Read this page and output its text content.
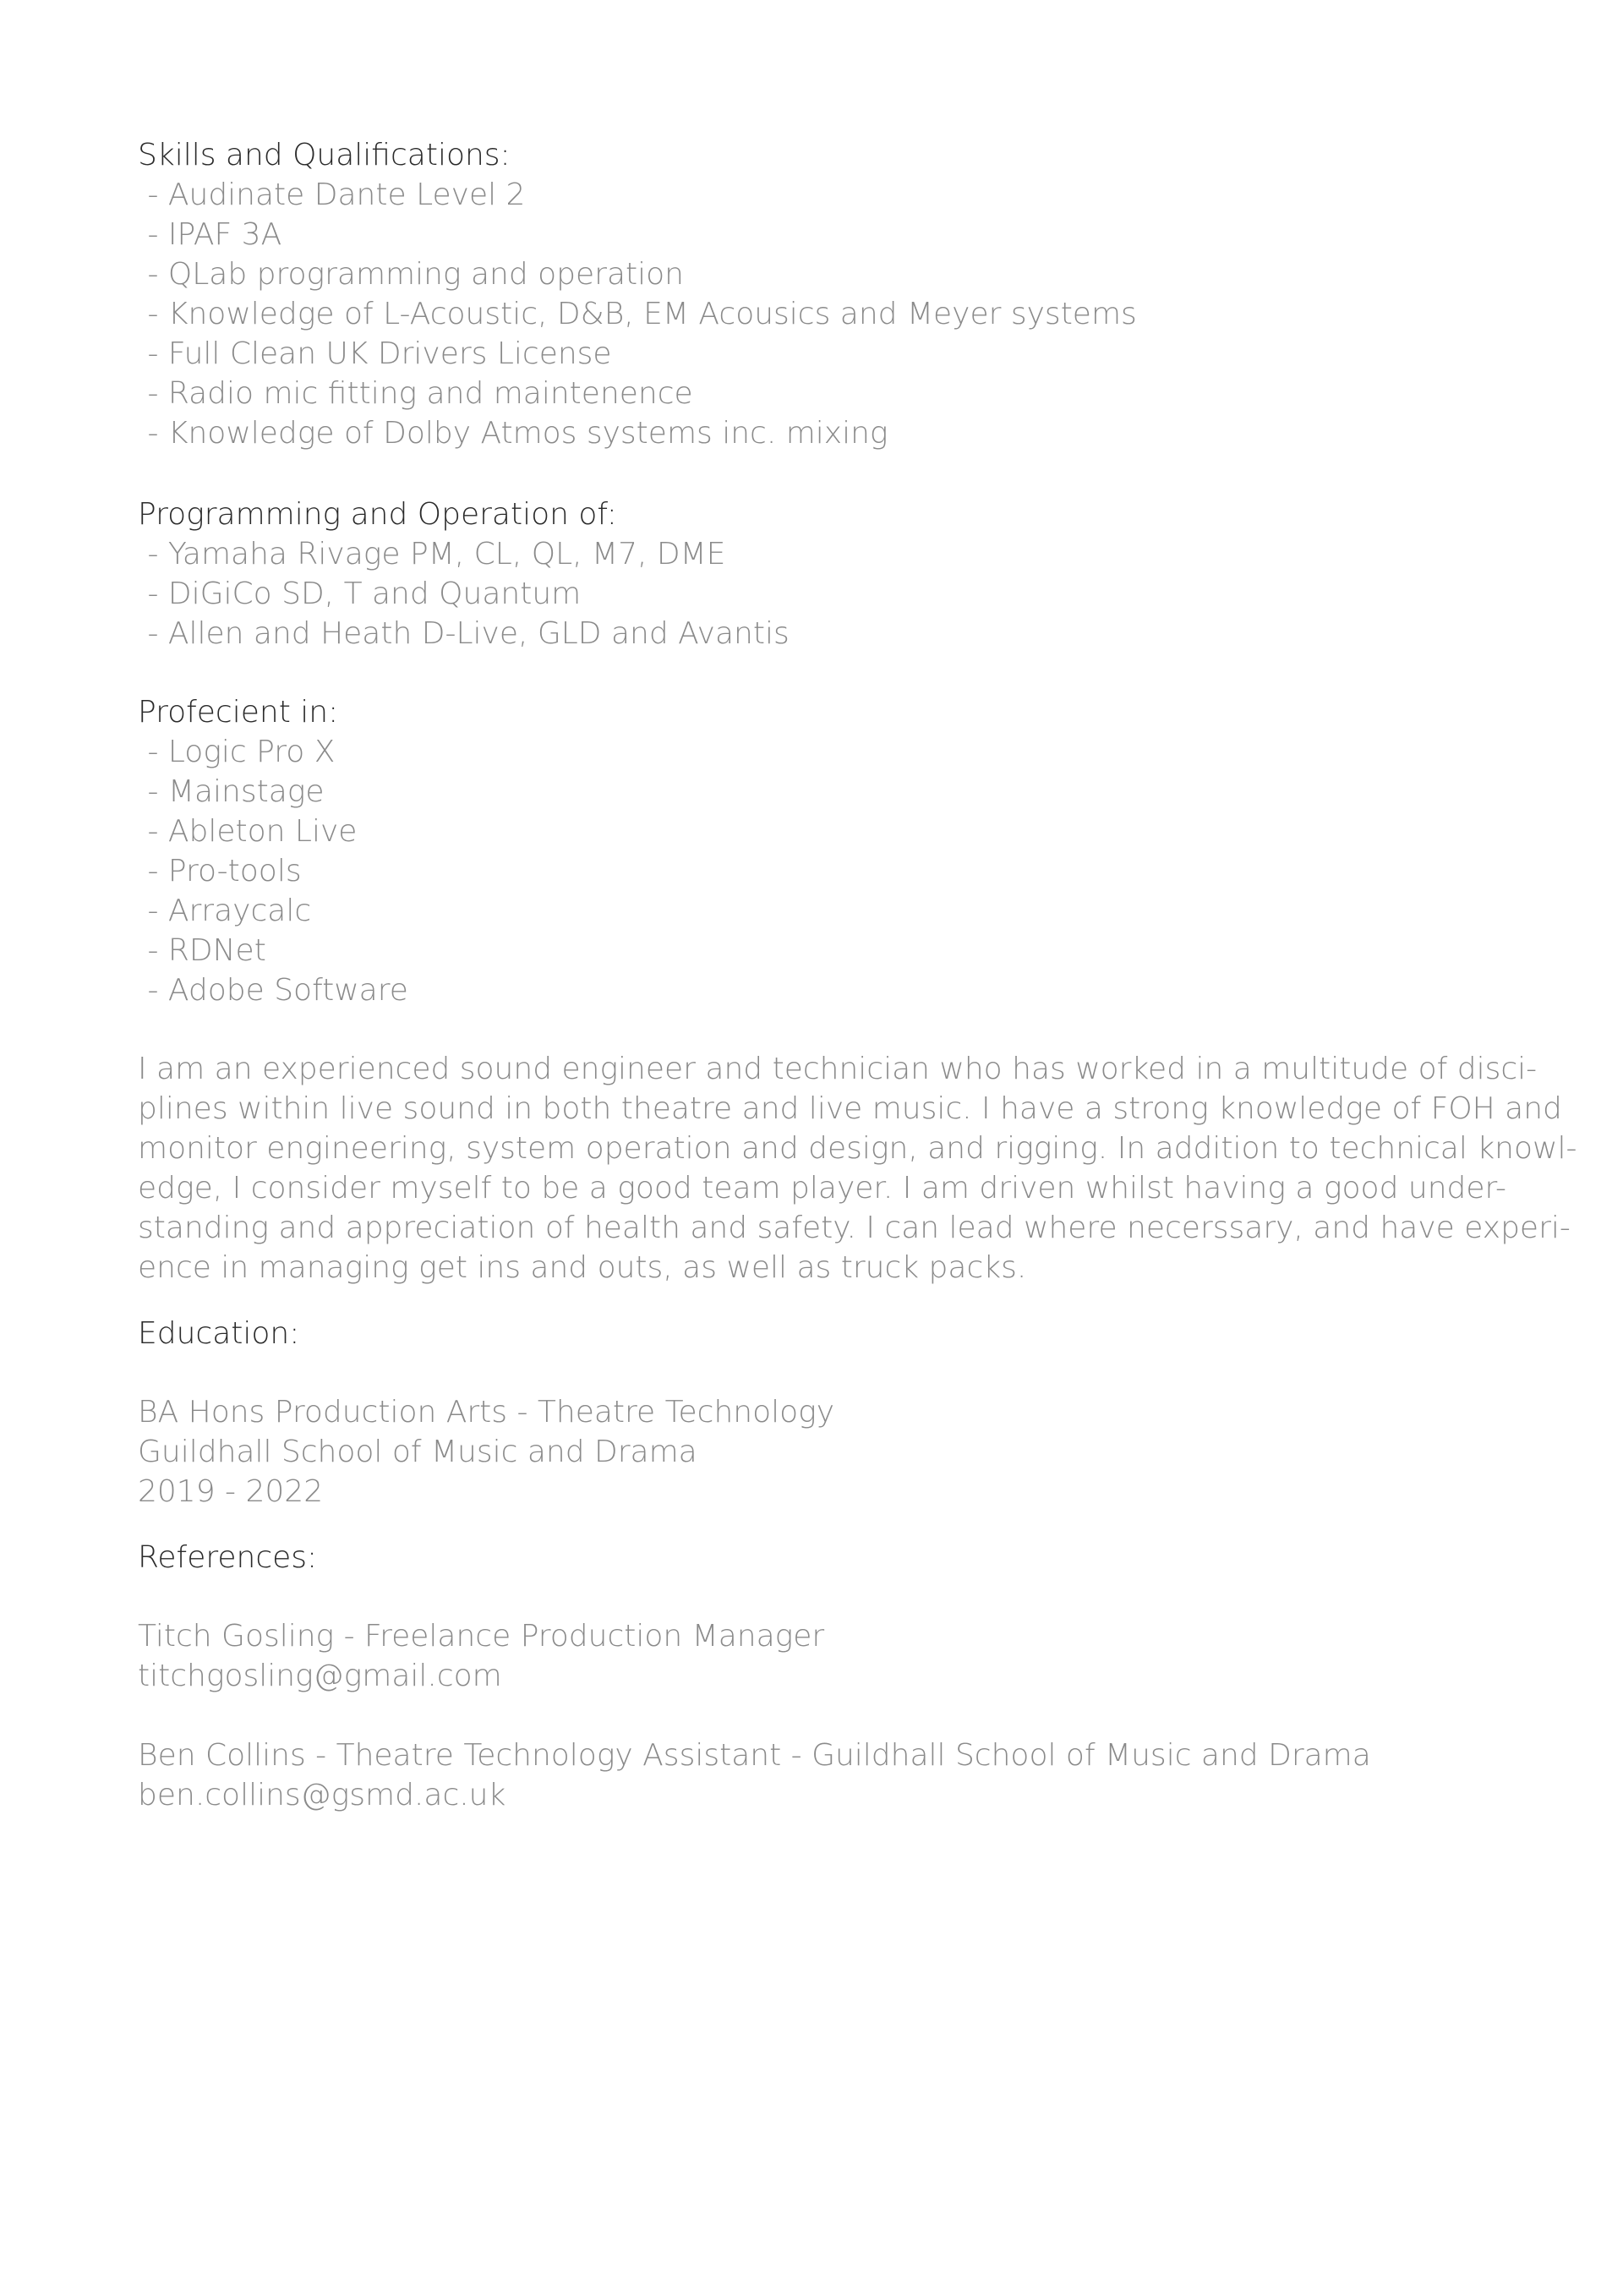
Skills and Qualifications:
- Audinate Dante Level 2
- IPAF 3A
- QLab programming and operation
- Knowledge of L-Acoustic, D&B, EM Acousics and Meyer systems
- Full Clean UK Drivers License
- Radio mic fitting and maintenence
- Knowledge of Dolby Atmos systems inc. mixing
Programming and Operation of:
- Yamaha Rivage PM, CL, QL, M7, DME
- DiGiCo SD, T and Quantum
- Allen and Heath D-Live, GLD and Avantis
Profecient in:
- Logic Pro X
- Mainstage
- Ableton Live
- Pro-tools
- Arraycalc
- RDNet
- Adobe Software

I am an experienced sound engineer and technician who has worked in a multitude of disci-
plines within live sound in both theatre and live music. I have a strong knowledge of FOH and
monitor engineering, system operation and design, and rigging. In addition to technical knowl-
edge, I consider myself to be a good team player. I am driven whilst having a good under-
standing and appreciation of health and safety. I can lead where necerssary, and have experi-
ence in managing get ins and outs, as well as truck packs.

Education:
BA Hons Production Arts - Theatre Technology
Guildhall School of Music and Drama
2019 - 2022
References:
Titch Gosling - Freelance Production Manager
titchgosling@gmail.com
Ben Collins - Theatre Technology Assistant - Guildhall School of Music and Drama
ben.collins@gsmd.ac.uk
